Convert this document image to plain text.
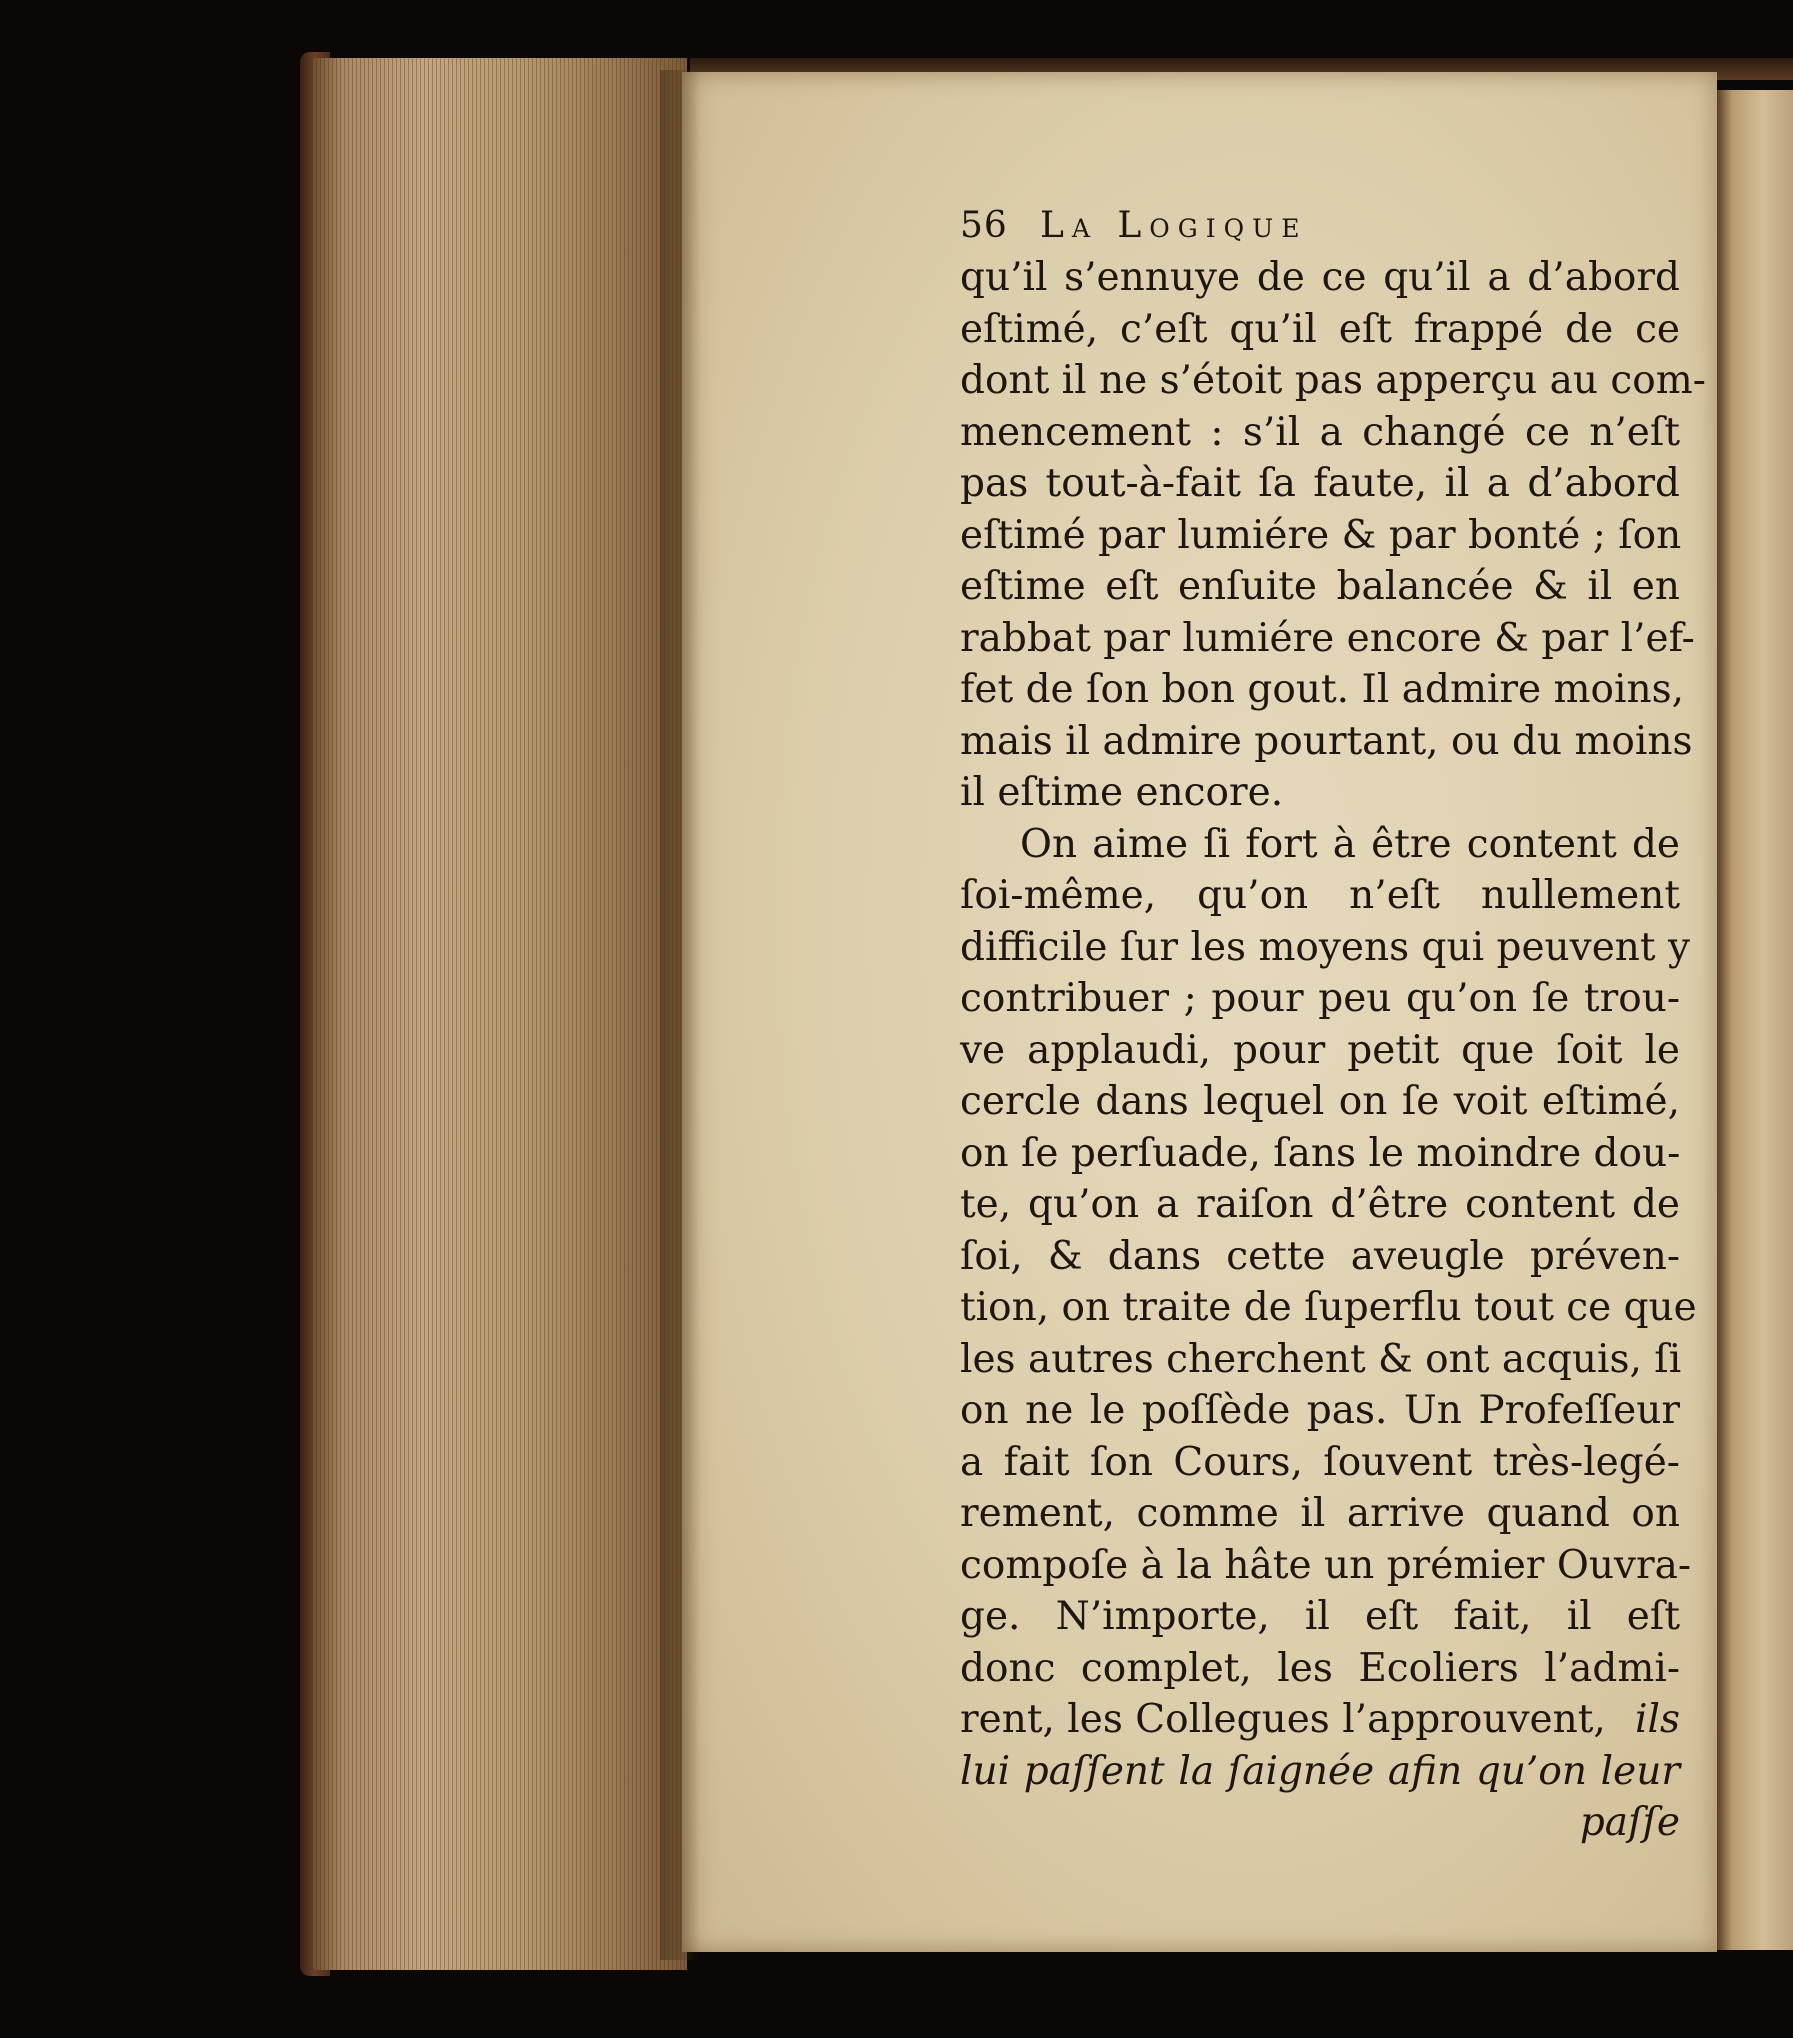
56 La Logique
qu’il s’ennuye de ce qu’il a d’abord
eſtimé, c’eſt qu’il eſt frappé de ce
dont il ne s’étoit pas apperçu au com-
mencement : s’il a changé ce n’eſt
pas tout-à-fait ſa faute, il a d’abord
eſtimé par lumiére & par bonté ; ſon
eſtime eſt enſuite balancée & il en
rabbat par lumiére encore & par l’ef-
fet de ſon bon gout. Il admire moins,
mais il admire pourtant, ou du moins
il eſtime encore.
On aime ſi fort à être content de
ſoi-même, qu’on n’eſt nullement
difficile ſur les moyens qui peuvent y
contribuer ; pour peu qu’on ſe trou-
ve applaudi, pour petit que ſoit le
cercle dans lequel on ſe voit eſtimé,
on ſe perſuade, ſans le moindre dou-
te, qu’on a raiſon d’être content de
ſoi, & dans cette aveugle préven-
tion, on traite de ſuperflu tout ce que
les autres cherchent & ont acquis, ſi
on ne le poſſède pas. Un Profeſſeur
a fait ſon Cours, ſouvent très-legé-
rement, comme il arrive quand on
compoſe à la hâte un prémier Ouvra-
ge. N’importe, il eſt fait, il eſt
donc complet, les Ecoliers l’admi-
rent, les Collegues l’approuvent, ils
lui paſſent la ſaignée afin qu’on leur
paſſe
